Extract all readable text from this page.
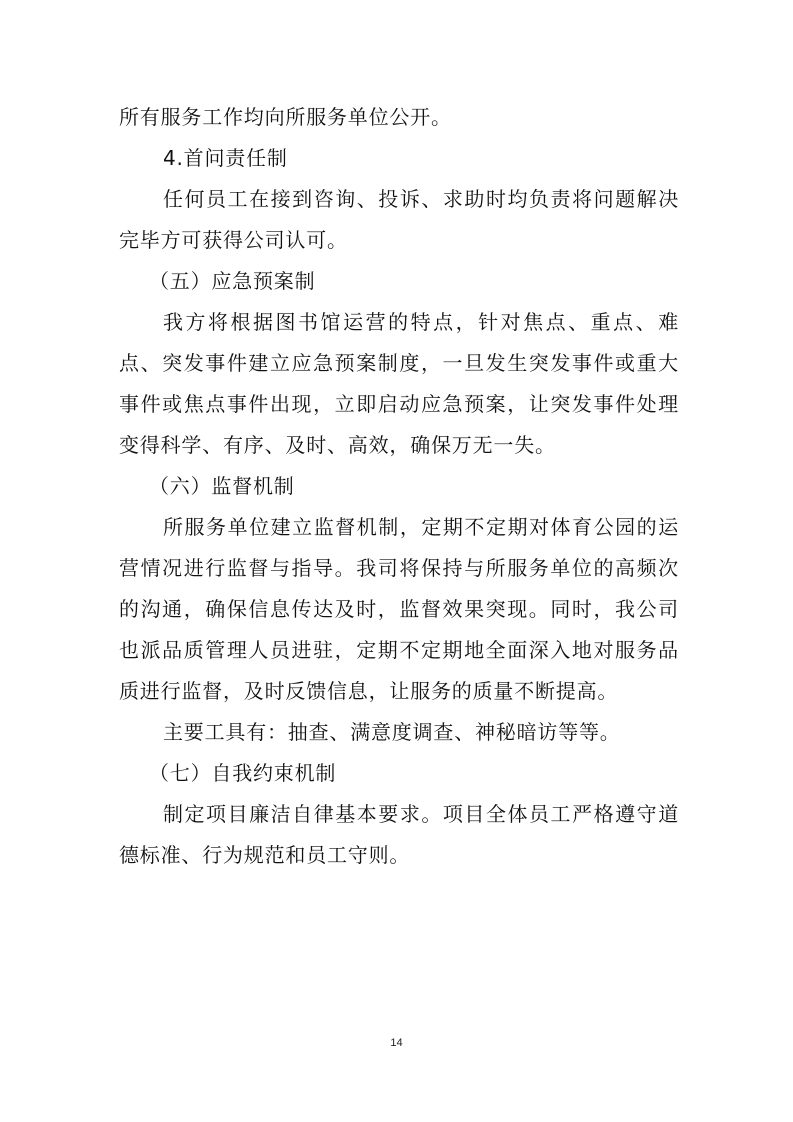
所有服务工作均向所服务单位公开。

4.首问责任制

任何员工在接到咨询、投诉、求助时均负责将问题解决完毕方可获得公司认可。

（五）应急预案制

我方将根据图书馆运营的特点，针对焦点、重点、难点、突发事件建立应急预案制度，一旦发生突发事件或重大事件或焦点事件出现，立即启动应急预案，让突发事件处理变得科学、有序、及时、高效，确保万无一失。

（六）监督机制

所服务单位建立监督机制，定期不定期对体育公园的运营情况进行监督与指导。我司将保持与所服务单位的高频次的沟通，确保信息传达及时，监督效果突现。同时，我公司也派品质管理人员进驻，定期不定期地全面深入地对服务品质进行监督，及时反馈信息，让服务的质量不断提高。

主要工具有：抽查、满意度调查、神秘暗访等等。

（七）自我约束机制

制定项目廉洁自律基本要求。项目全体员工严格遵守道德标准、行为规范和员工守则。

14
